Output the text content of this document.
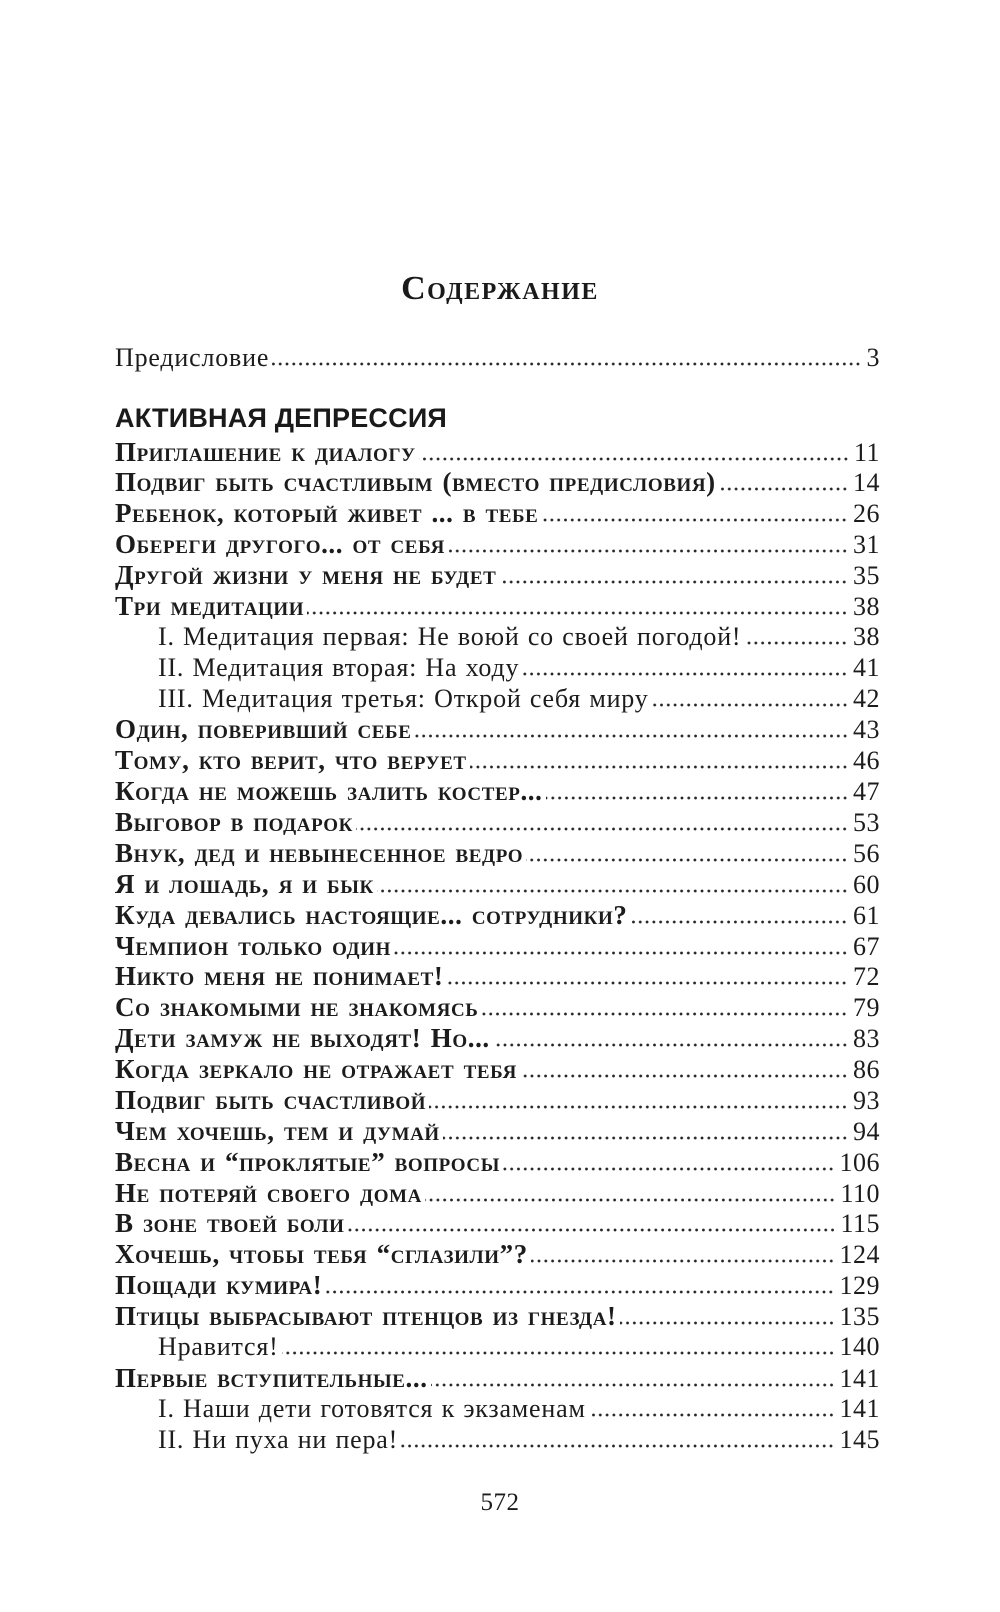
Содержание
Предисловие	3
АКТИВНАЯ ДЕПРЕССИЯ
Приглашение к диалогу	11
Подвиг быть счастливым (вместо предисловия)	14
Ребенок, который живет ... в тебе	26
Обереги другого... от себя	31
Другой жизни у меня не будет	35
Три медитации	38
I. Медитация первая: Не воюй со своей погодой!	38
II. Медитация вторая: На ходу	41
III. Медитация третья: Открой себя миру	42
Один, поверивший себе	43
Тому, кто верит, что верует	46
Когда не можешь залить костер...	47
Выговор в подарок	53
Внук, дед и невынесенное ведро	56
Я и лошадь, я и бык	60
Куда девались настоящие... сотрудники?	61
Чемпион только один	67
Никто меня не понимает!	72
Со знакомыми не знакомясь	79
Дети замуж не выходят! Но...	83
Когда зеркало не отражает тебя	86
Подвиг быть счастливой	93
Чем хочешь, тем и думай	94
Весна и “проклятые” вопросы	106
Не потеряй своего дома	110
В зоне твоей боли	115
Хочешь, чтобы тебя “сглазили”?	124
Пощади кумира!	129
Птицы выбрасывают птенцов из гнезда!	135
Нравится!	140
Первые вступительные...	141
I. Наши дети готовятся к экзаменам	141
II. Ни пуха ни пера!	145
572
